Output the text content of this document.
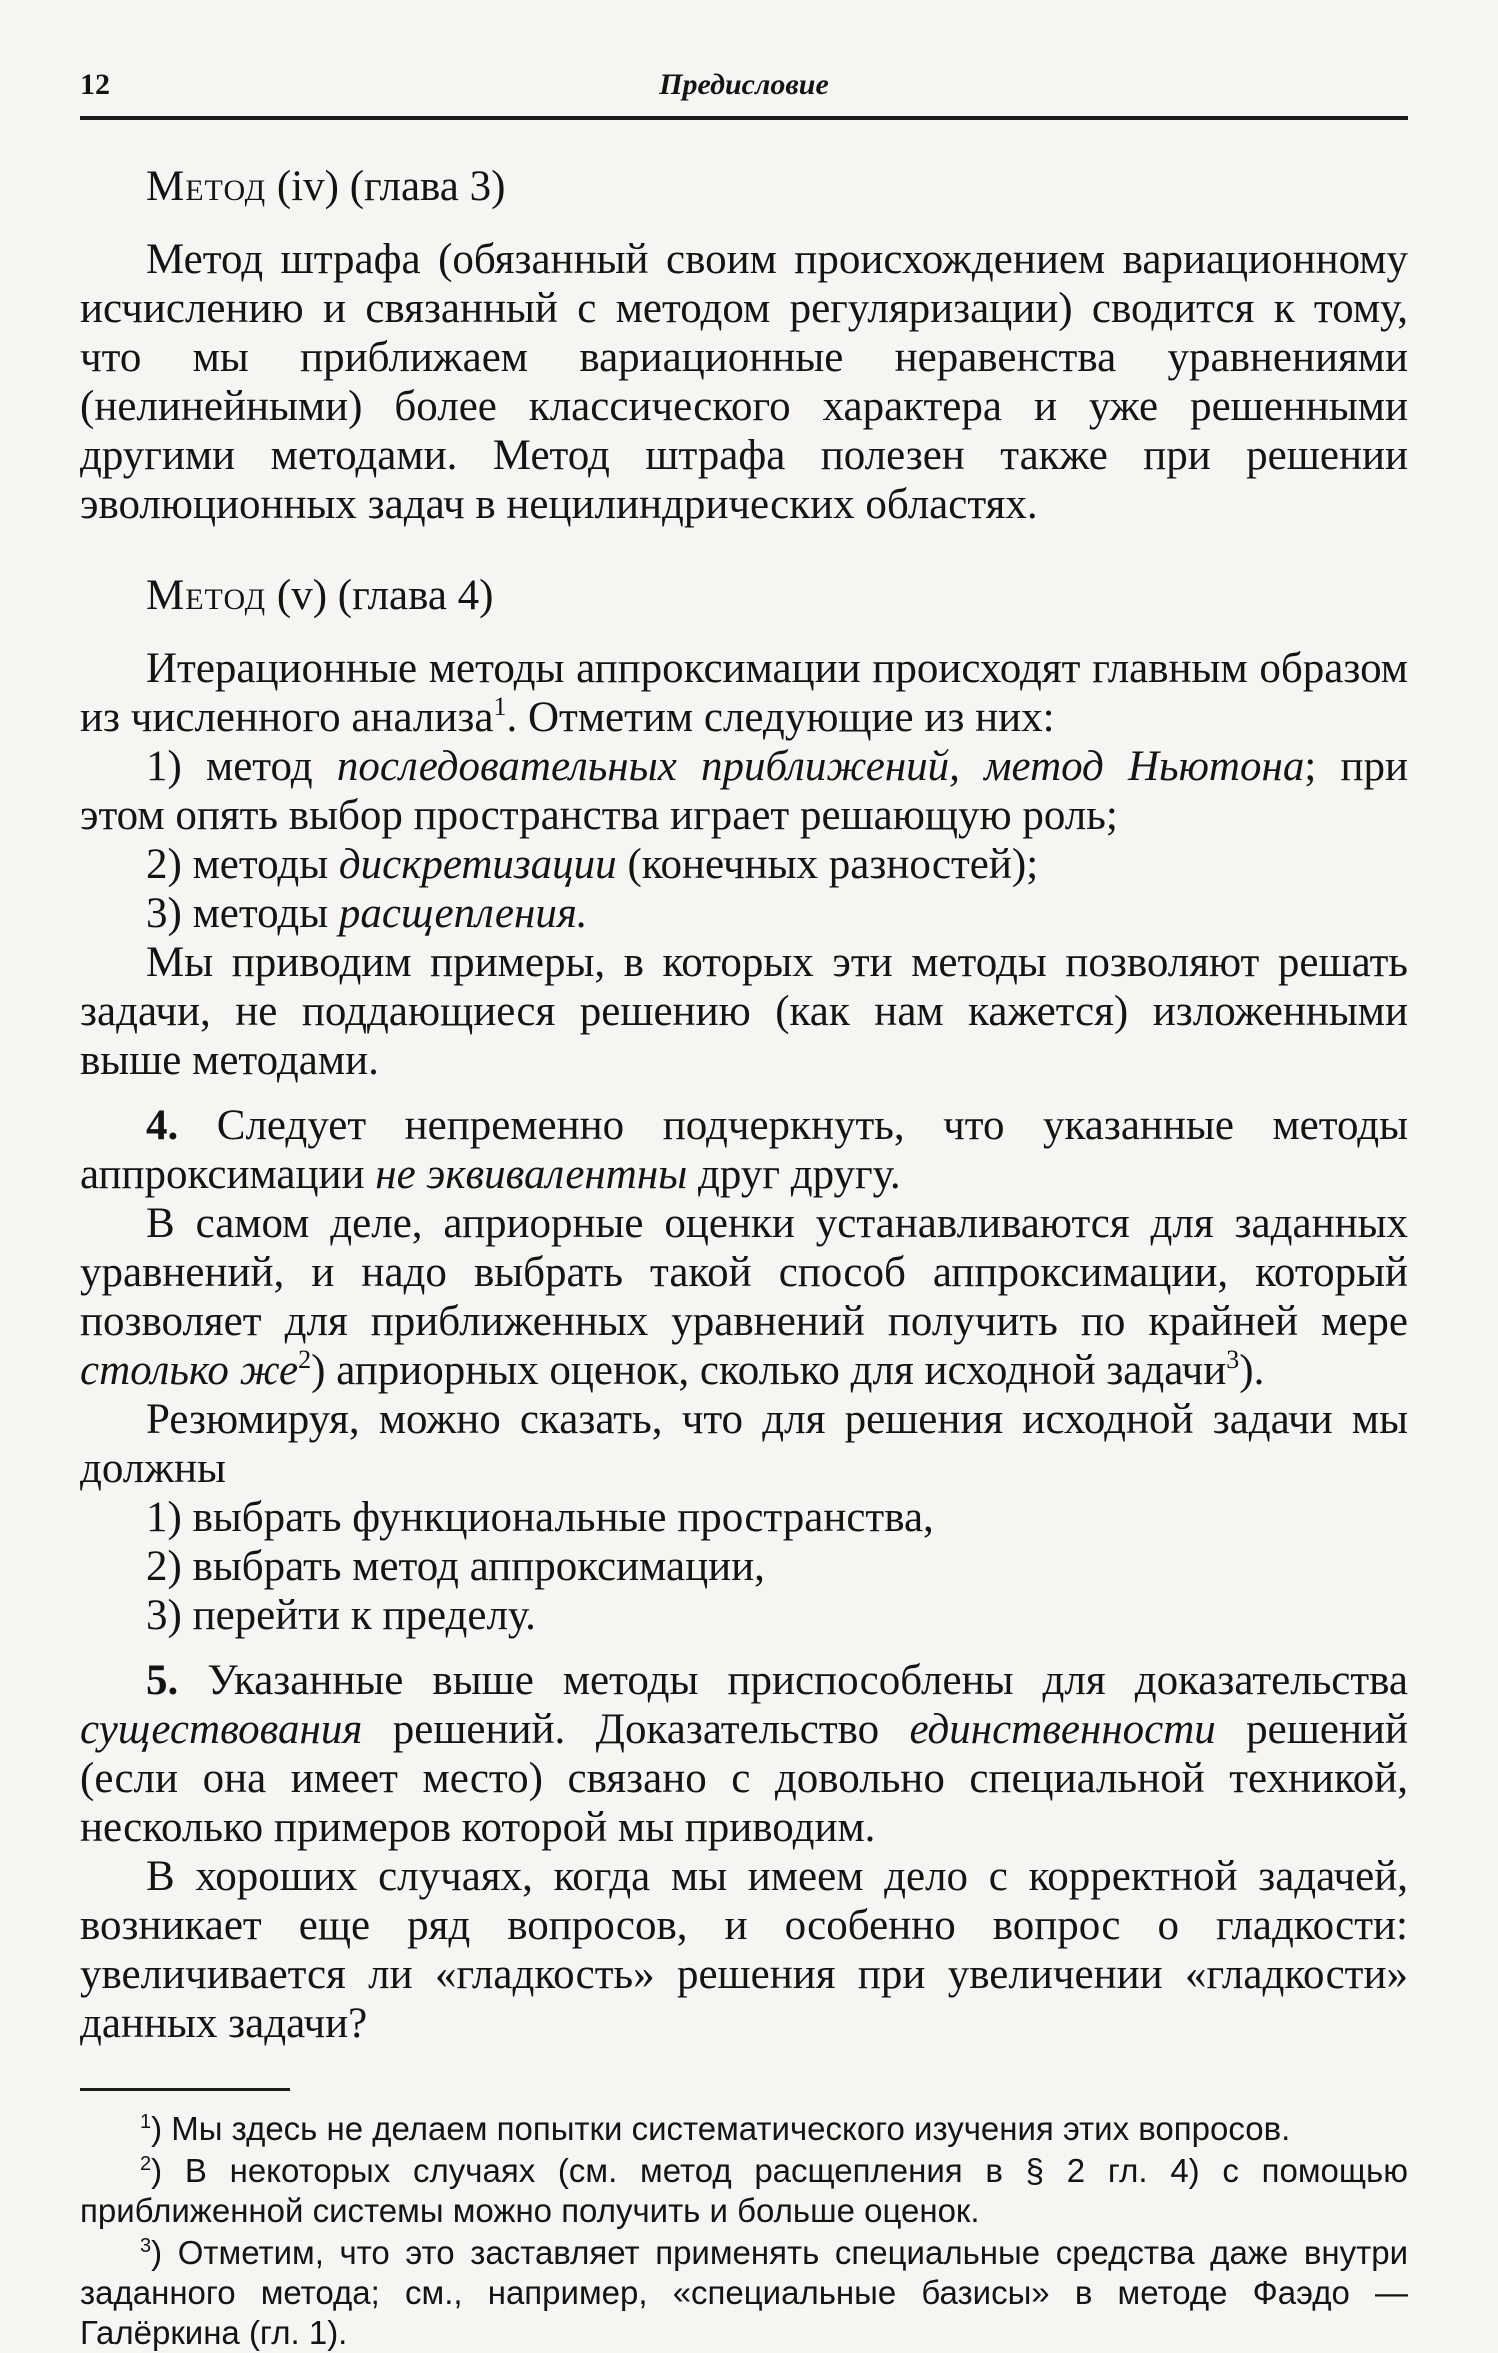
12	Предисловие
Метод (iv) (глава 3)

Метод штрафа (обязанный своим происхождением вариационному исчислению и связанный с методом регуляризации) сводится к тому, что мы приближаем вариационные неравенства уравнениями (нелинейными) более классического характера и уже решенными другими методами. Метод штрафа полезен также при решении эволюционных задач в нецилиндрических областях.

Метод (v) (глава 4)

Итерационные методы аппроксимации происходят главным образом из численного анализа$^1$. Отметим следующие из них:

1) метод последовательных приближений, метод Ньютона; при этом опять выбор пространства играет решающую роль;

2) методы дискретизации (конечных разностей);
3) методы расщепления.

Мы приводим примеры, в которых эти методы позволяют решать задачи, не поддающиеся решению (как нам кажется) изложенными выше методами.

4. Следует непременно подчеркнуть, что указанные методы аппроксимации не эквивалентны друг другу.

В самом деле, априорные оценки устанавливаются для заданных уравнений, и надо выбрать такой способ аппроксимации, который позволяет для приближенных уравнений получить по крайней мере столько $же^2$) априорных оценок, сколько для исходной задачи$^3$).

Резюмируя, можно сказать, что для решения исходной задачи мы должны

1) выбрать функциональные пространства,
2) выбрать метод аппроксимации,
3) перейти к пределу.

5. Указанные выше методы приспособлены для доказательства существования решений. Доказательство единственности решений (если она имеет место) связано с довольно специальной техникой, несколько примеров которой мы приводим.

В хороших случаях, когда мы имеем дело с корректной задачей, возникает еще ряд вопросов, и особенно вопрос о гладкости: увеличивается ли «гладкость» решения при увеличении «гладкости» данных задачи?

$^1$) Мы здесь не делаем попытки систематического изучения этих вопросов.

$^2$) В некоторых случаях (см. метод расщепления в § 2 гл. 4) с помощью приближенной системы можно получить и больше оценок.

$^3$) Отметим, что это заставляет применять специальные средства даже внутри заданного метода; см., например, «специальные базисы» в методе Фаэдо — Галёркина (гл. 1).
